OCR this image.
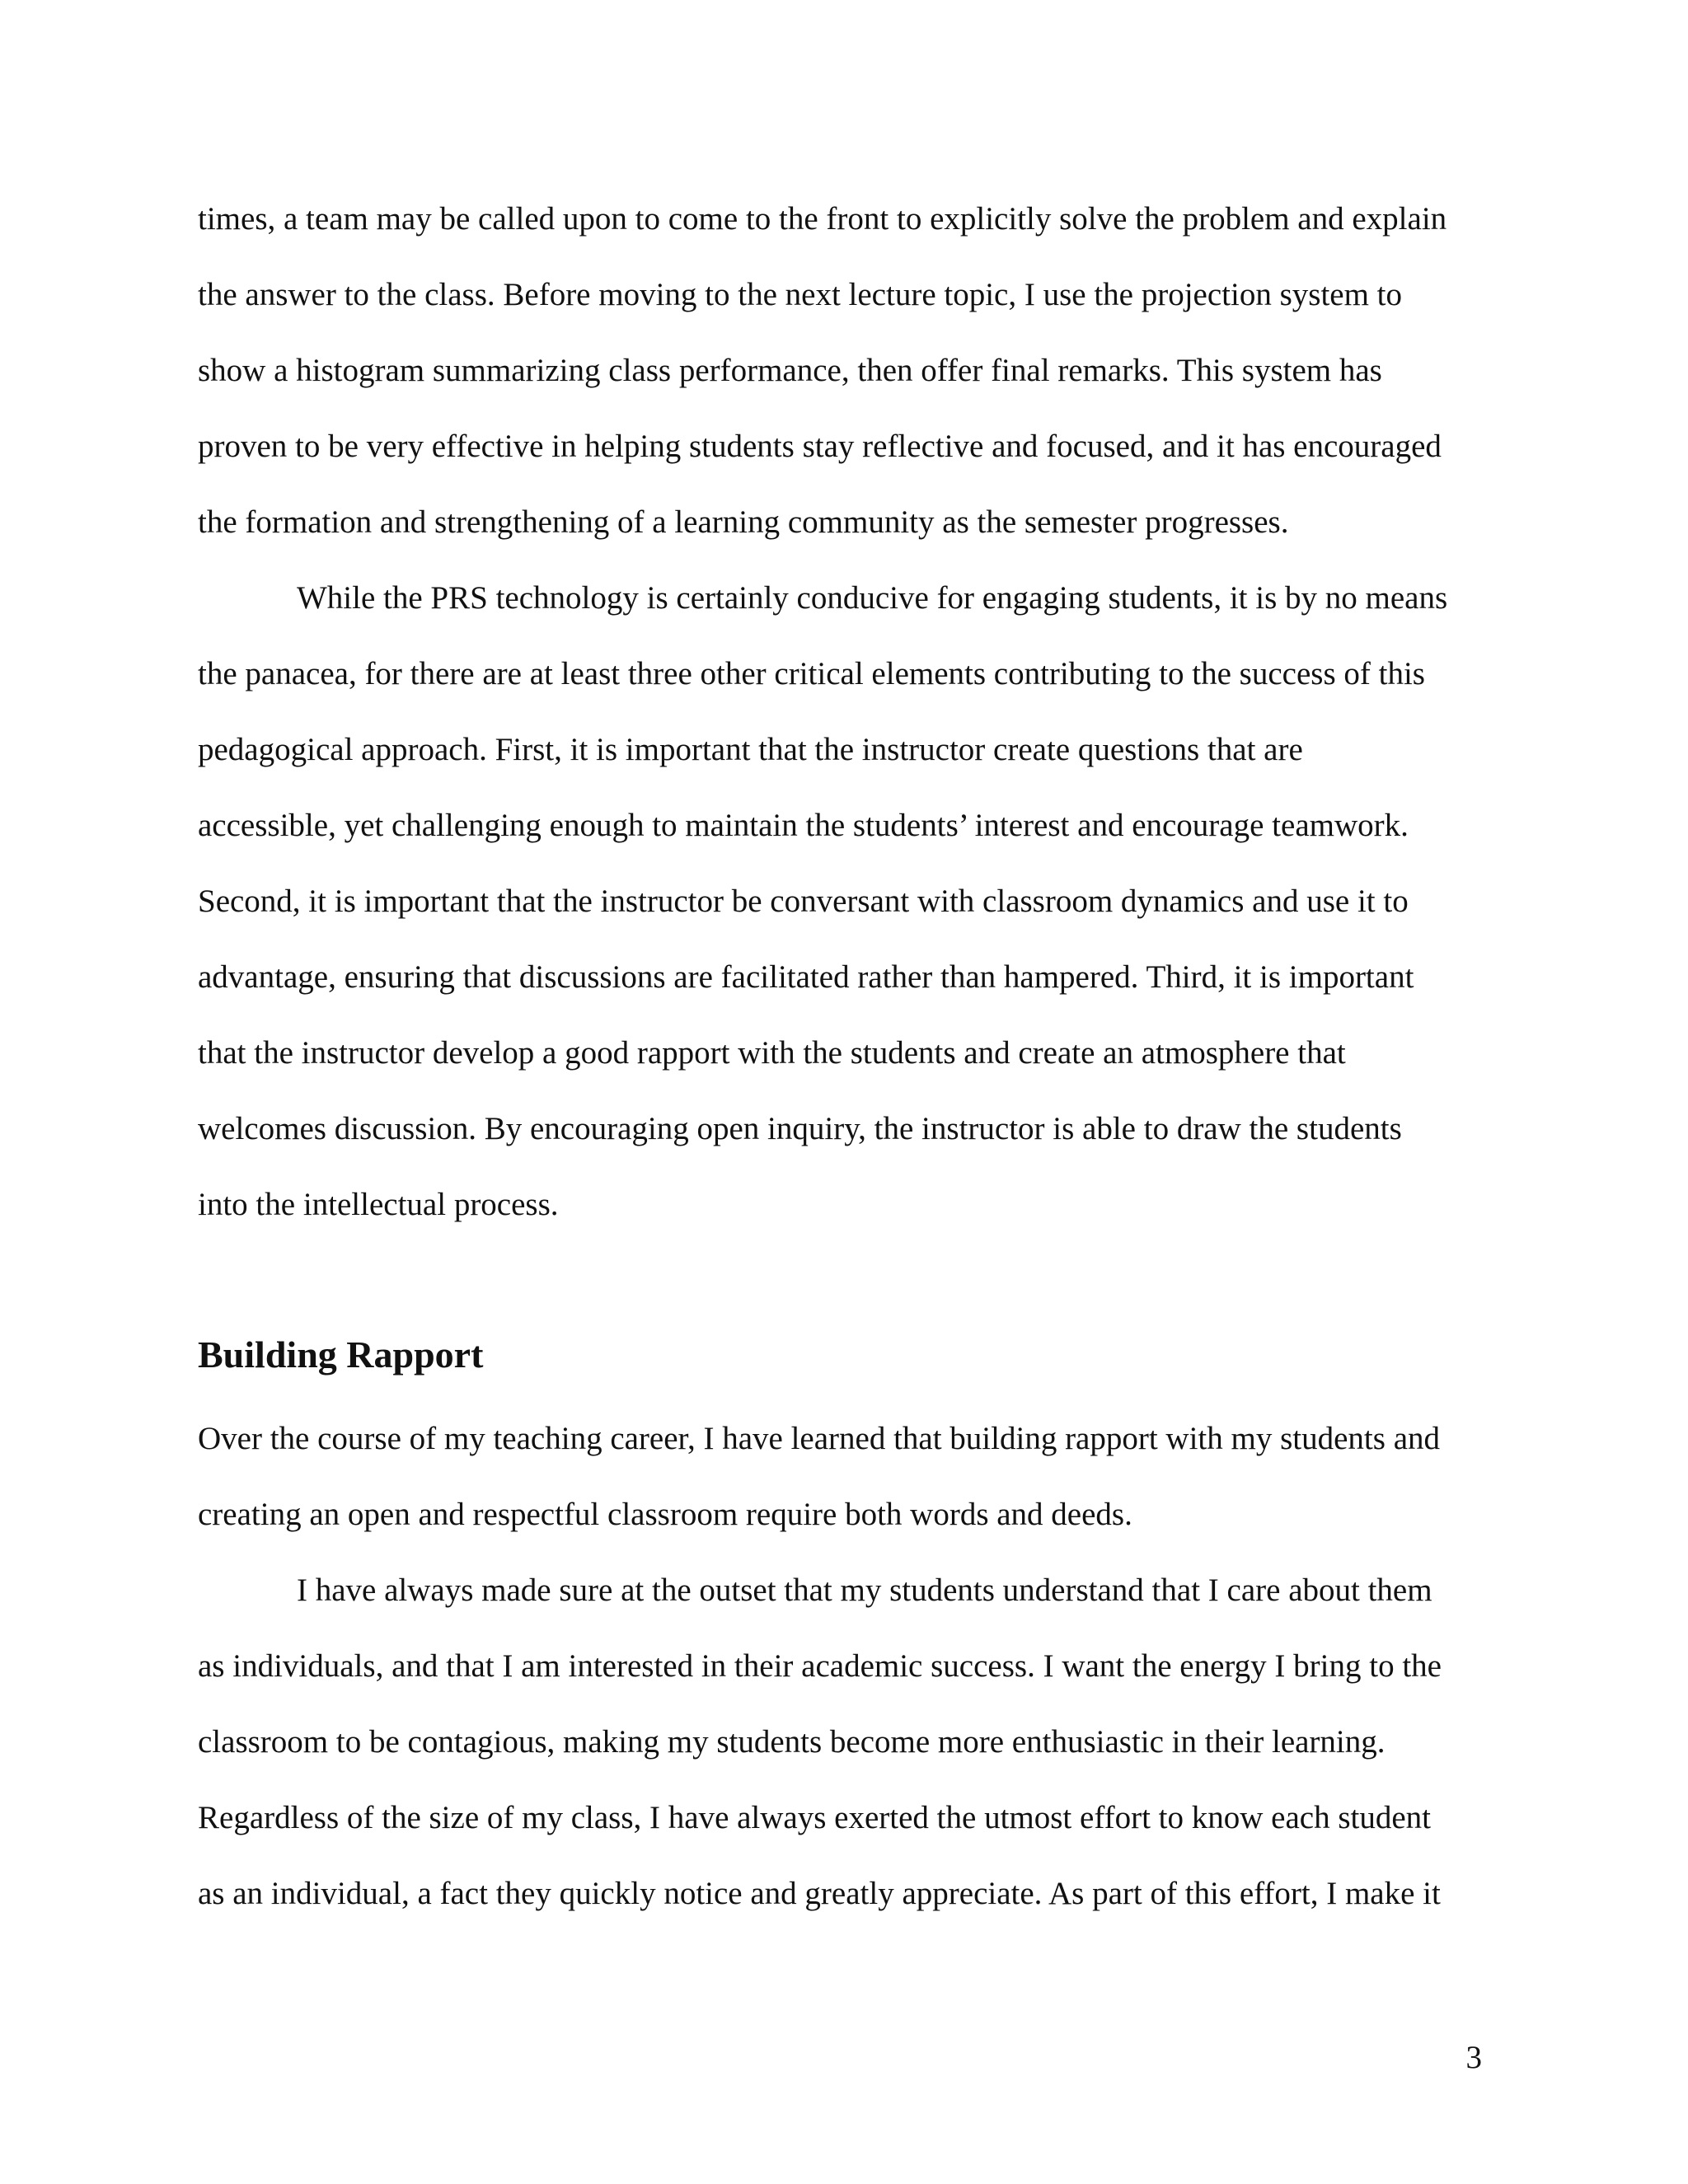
times, a team may be called upon to come to the front to explicitly solve the problem and explain
the answer to the class. Before moving to the next lecture topic, I use the projection system to
show a histogram summarizing class performance, then offer final remarks. This system has
proven to be very effective in helping students stay reflective and focused, and it has encouraged
the formation and strengthening of a learning community as the semester progresses.

While the PRS technology is certainly conducive for engaging students, it is by no means
the panacea, for there are at least three other critical elements contributing to the success of this
pedagogical approach. First, it is important that the instructor create questions that are
accessible, yet challenging enough to maintain the students’ interest and encourage teamwork.
Second, it is important that the instructor be conversant with classroom dynamics and use it to
advantage, ensuring that discussions are facilitated rather than hampered. Third, it is important
that the instructor develop a good rapport with the students and create an atmosphere that
welcomes discussion. By encouraging open inquiry, the instructor is able to draw the students
into the intellectual process.

Building Rapport

Over the course of my teaching career, I have learned that building rapport with my students and
creating an open and respectful classroom require both words and deeds.

I have always made sure at the outset that my students understand that I care about them
as individuals, and that I am interested in their academic success. I want the energy I bring to the
classroom to be contagious, making my students become more enthusiastic in their learning.
Regardless of the size of my class, I have always exerted the utmost effort to know each student
as an individual, a fact they quickly notice and greatly appreciate. As part of this effort, I make it

3
